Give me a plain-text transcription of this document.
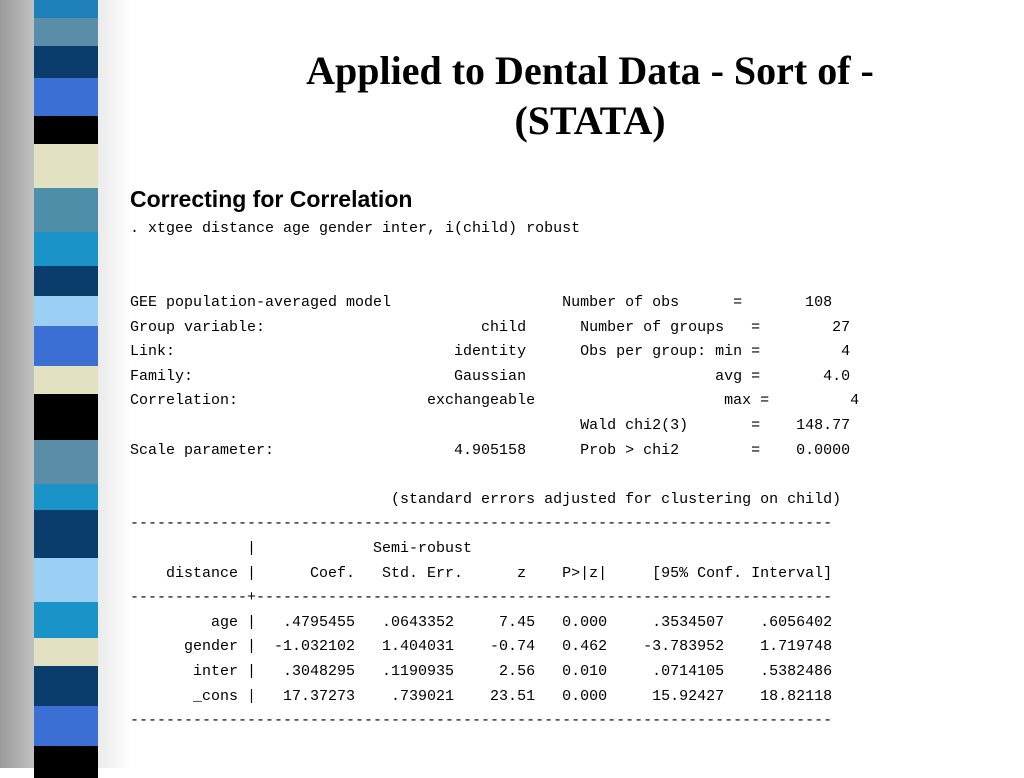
Applied to Dental Data - Sort of -
(STATA)
Correcting for Correlation
. xtgee distance age gender inter, i(child) robust
GEE population-averaged model                   Number of obs      =       108
Group variable:                        child      Number of groups   =        27
Link:                               identity      Obs per group: min =         4
Family:                             Gaussian                     avg =       4.0
Correlation:                     exchangeable                     max =         4
Wald chi2(3)       =    148.77
Scale parameter:                    4.905158      Prob > chi2        =    0.0000
(standard errors adjusted for clustering on child)
------------------------------------------------------------------------------
|             Semi-robust
distance |      Coef.   Std. Err.      z    P>|z|     [95% Conf. Interval]
-------------+----------------------------------------------------------------
age |   .4795455   .0643352     7.45   0.000     .3534507    .6056402
gender |  -1.032102   1.404031    -0.74   0.462    -3.783952    1.719748
inter |   .3048295   .1190935     2.56   0.010     .0714105    .5382486
_cons |   17.37273    .739021    23.51   0.000     15.92427    18.82118
------------------------------------------------------------------------------
